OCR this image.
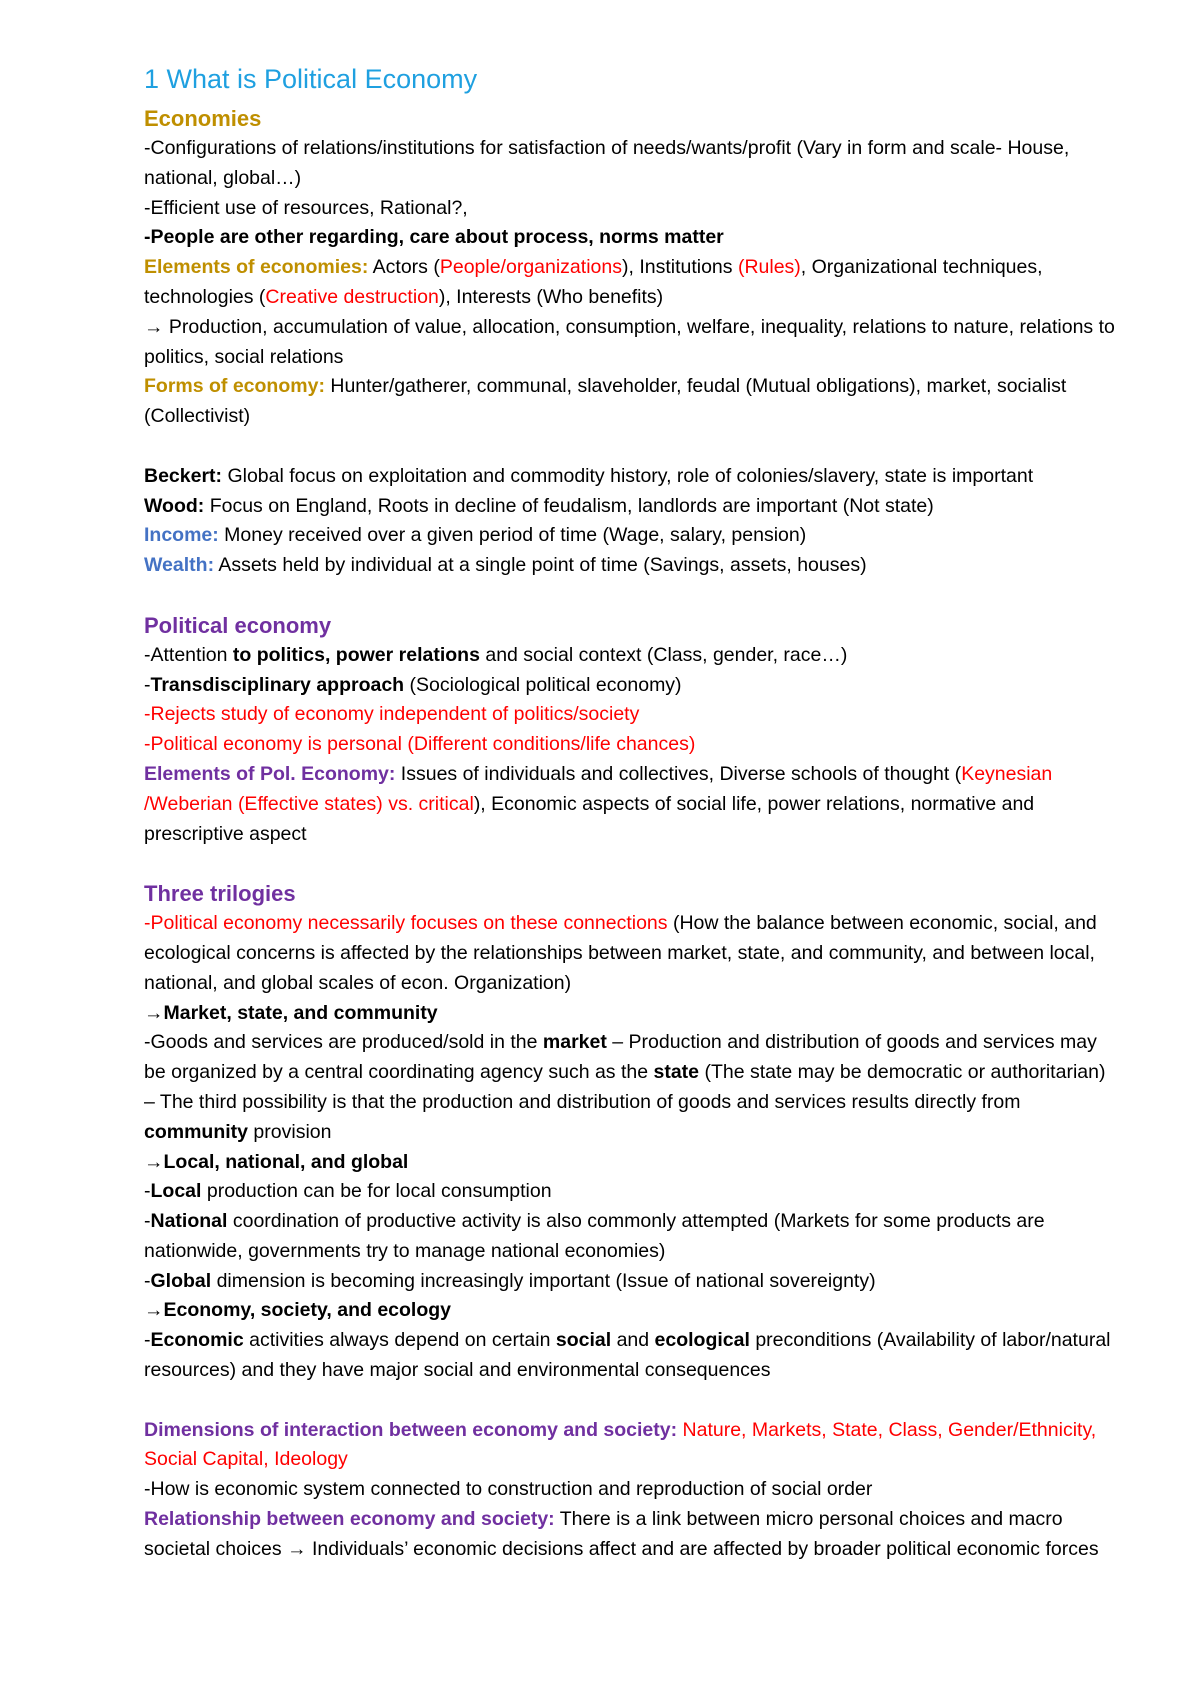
1 What is Political Economy
Economies

-Configurations of relations/institutions for satisfaction of needs/wants/profit (Vary in form and scale- House, national, global…)

-Efficient use of resources, Rational?,

-People are other regarding, care about process, norms matter

Elements of economies: Actors (People/organizations), Institutions (Rules), Organizational techniques, technologies (Creative destruction), Interests (Who benefits)

→ Production, accumulation of value, allocation, consumption, welfare, inequality, relations to nature, relations to politics, social relations

Forms of economy: Hunter/gatherer, communal, slaveholder, feudal (Mutual obligations), market, socialist (Collectivist)

Beckert: Global focus on exploitation and commodity history, role of colonies/slavery, state is important

Wood: Focus on England, Roots in decline of feudalism, landlords are important (Not state)

Income: Money received over a given period of time (Wage, salary, pension)

Wealth: Assets held by individual at a single point of time (Savings, assets, houses)

Political economy

-Attention to politics, power relations and social context (Class, gender, race…)

-Transdisciplinary approach (Sociological political economy)

-Rejects study of economy independent of politics/society

-Political economy is personal (Different conditions/life chances)

Elements of Pol. Economy: Issues of individuals and collectives, Diverse schools of thought (Keynesian /Weberian (Effective states) vs. critical), Economic aspects of social life, power relations, normative and prescriptive aspect

Three trilogies

-Political economy necessarily focuses on these connections (How the balance between economic, social, and ecological concerns is affected by the relationships between market, state, and community, and between local, national, and global scales of econ. Organization)

→Market, state, and community

-Goods and services are produced/sold in the market – Production and distribution of goods and services may be organized by a central coordinating agency such as the state (The state may be democratic or authoritarian) – The third possibility is that the production and distribution of goods and services results directly from community provision

→Local, national, and global

-Local production can be for local consumption

-National coordination of productive activity is also commonly attempted (Markets for some products are nationwide, governments try to manage national economies)

-Global dimension is becoming increasingly important (Issue of national sovereignty)

→Economy, society, and ecology

-Economic activities always depend on certain social and ecological preconditions (Availability of labor/natural resources) and they have major social and environmental consequences

Dimensions of interaction between economy and society: Nature, Markets, State, Class, Gender/Ethnicity, Social Capital, Ideology

-How is economic system connected to construction and reproduction of social order

Relationship between economy and society: There is a link between micro personal choices and macro societal choices → Individuals’ economic decisions affect and are affected by broader political economic forces
